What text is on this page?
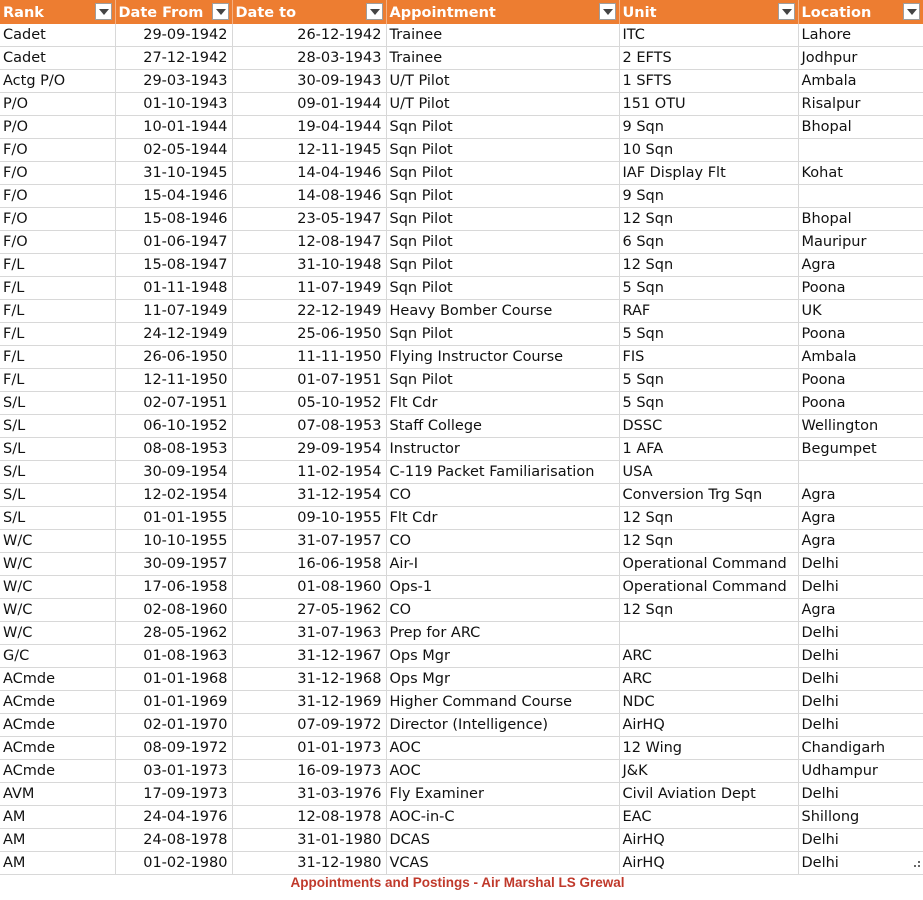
Rank	Date From	Date to	Appointment	Unit	Location

Cadet	29-09-1942	26-12-1942	Trainee	ITC	Lahore
Cadet	27-12-1942	28-03-1943	Trainee	2 EFTS	Jodhpur
Actg P/O	29-03-1943	30-09-1943	U/T Pilot	1 SFTS	Ambala
P/O	01-10-1943	09-01-1944	U/T Pilot	151 OTU	Risalpur
P/O	10-01-1944	19-04-1944	Sqn Pilot	9 Sqn	Bhopal
F/O	02-05-1944	12-11-1945	Sqn Pilot	10 Sqn	
F/O	31-10-1945	14-04-1946	Sqn Pilot	IAF Display Flt	Kohat
F/O	15-04-1946	14-08-1946	Sqn Pilot	9 Sqn	
F/O	15-08-1946	23-05-1947	Sqn Pilot	12 Sqn	Bhopal
F/O	01-06-1947	12-08-1947	Sqn Pilot	6 Sqn	Mauripur
F/L	15-08-1947	31-10-1948	Sqn Pilot	12 Sqn	Agra
F/L	01-11-1948	11-07-1949	Sqn Pilot	5 Sqn	Poona
F/L	11-07-1949	22-12-1949	Heavy Bomber Course	RAF	UK
F/L	24-12-1949	25-06-1950	Sqn Pilot	5 Sqn	Poona
F/L	26-06-1950	11-11-1950	Flying Instructor Course	FIS	Ambala
F/L	12-11-1950	01-07-1951	Sqn Pilot	5 Sqn	Poona
S/L	02-07-1951	05-10-1952	Flt Cdr	5 Sqn	Poona
S/L	06-10-1952	07-08-1953	Staff College	DSSC	Wellington
S/L	08-08-1953	29-09-1954	Instructor	1 AFA	Begumpet
S/L	30-09-1954	11-02-1954	C-119 Packet Familiarisation	USA	
S/L	12-02-1954	31-12-1954	CO	Conversion Trg Sqn	Agra
S/L	01-01-1955	09-10-1955	Flt Cdr	12 Sqn	Agra
W/C	10-10-1955	31-07-1957	CO	12 Sqn	Agra
W/C	30-09-1957	16-06-1958	Air-I	Operational Command	Delhi
W/C	17-06-1958	01-08-1960	Ops-1	Operational Command	Delhi
W/C	02-08-1960	27-05-1962	CO	12 Sqn	Agra
W/C	28-05-1962	31-07-1963	Prep for ARC		Delhi
G/C	01-08-1963	31-12-1967	Ops Mgr	ARC	Delhi
ACmde	01-01-1968	31-12-1968	Ops Mgr	ARC	Delhi
ACmde	01-01-1969	31-12-1969	Higher Command Course	NDC	Delhi
ACmde	02-01-1970	07-09-1972	Director (Intelligence)	AirHQ	Delhi
ACmde	08-09-1972	01-01-1973	AOC	12 Wing	Chandigarh
ACmde	03-01-1973	16-09-1973	AOC	J&K	Udhampur
AVM	17-09-1973	31-03-1976	Fly Examiner	Civil Aviation Dept	Delhi
AM	24-04-1976	12-08-1978	AOC-in-C	EAC	Shillong
AM	24-08-1978	31-01-1980	DCAS	AirHQ	Delhi
AM	01-02-1980	31-12-1980	VCAS	AirHQ	Delhi
Appointments and Postings - Air Marshal LS Grewal
